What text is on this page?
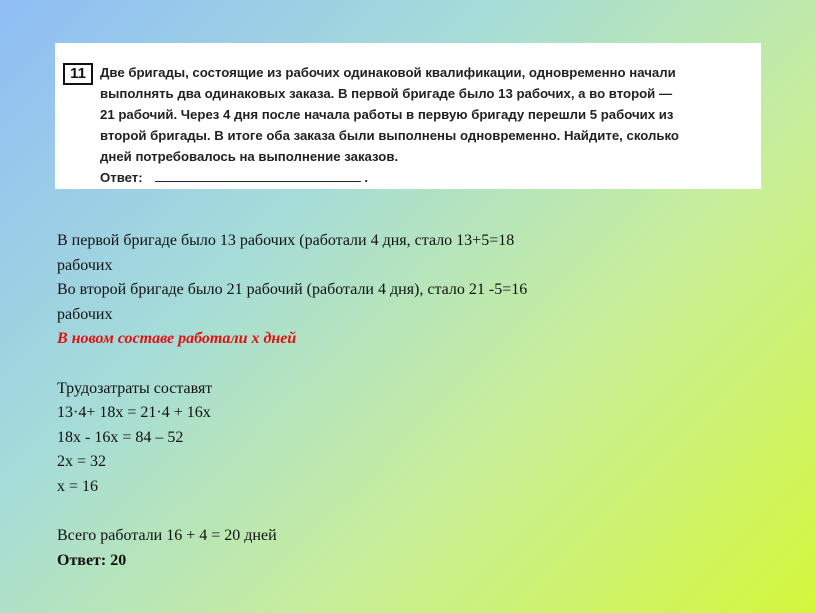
11	Две бригады, состоящие из рабочих одинаковой квалификации, одновременно начали
выполнять два одинаковых заказа. В первой бригаде было 13 рабочих, а во второй —
21 рабочий. Через 4 дня после начала работы в первую бригаду перешли 5 рабочих из
второй бригады. В итоге оба заказа были выполнены одновременно. Найдите, сколько
дней потребовалось на выполнение заказов.
Ответ:	.
В первой бригаде было 13 рабочих (работали 4 дня, стало 13+5=18
рабочих
Во второй бригаде было 21 рабочий (работали 4 дня), стало 21 -5=16
рабочих
В новом составе работали x дней
Трудозатраты составят
13·4+ 18x = 21·4 + 16x
18x - 16x = 84 – 52
2x = 32
x = 16
Всего работали 16 + 4 = 20 дней
Ответ: 20
